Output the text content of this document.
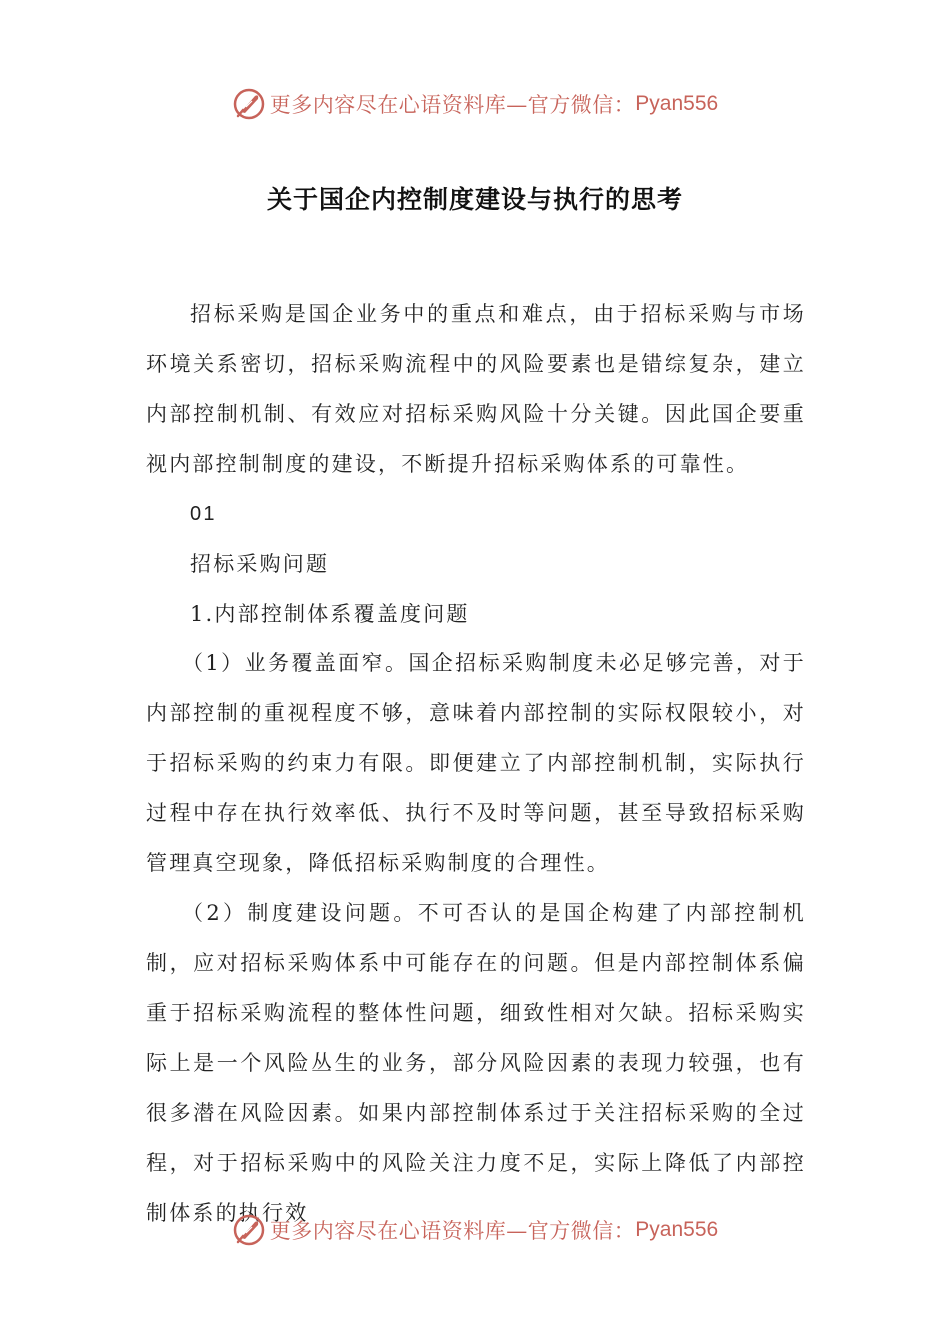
更多内容尽在心语资料库—官方微信： Pyan556
关于国企内控制度建设与执行的思考

招标采购是国企业务中的重点和难点，由于招标采购与市场环境关系密切，招标采购流程中的风险要素也是错综复杂，建立内部控制机制、有效应对招标采购风险十分关键。因此国企要重视内部控制制度的建设，不断提升招标采购体系的可靠性。

01

招标采购问题

1.内部控制体系覆盖度问题

（1）业务覆盖面窄。国企招标采购制度未必足够完善，对于内部控制的重视程度不够，意味着内部控制的实际权限较小，对于招标采购的约束力有限。即便建立了内部控制机制，实际执行过程中存在执行效率低、执行不及时等问题，甚至导致招标采购管理真空现象，降低招标采购制度的合理性。

（2）制度建设问题。不可否认的是国企构建了内部控制机制，应对招标采购体系中可能存在的问题。但是内部控制体系偏重于招标采购流程的整体性问题，细致性相对欠缺。招标采购实际上是一个风险丛生的业务，部分风险因素的表现力较强，也有很多潜在风险因素。如果内部控制体系过于关注招标采购的全过程，对于招标采购中的风险关注力度不足，实际上降低了内部控制体系的执行效

更多内容尽在心语资料库—官方微信： Pyan556
